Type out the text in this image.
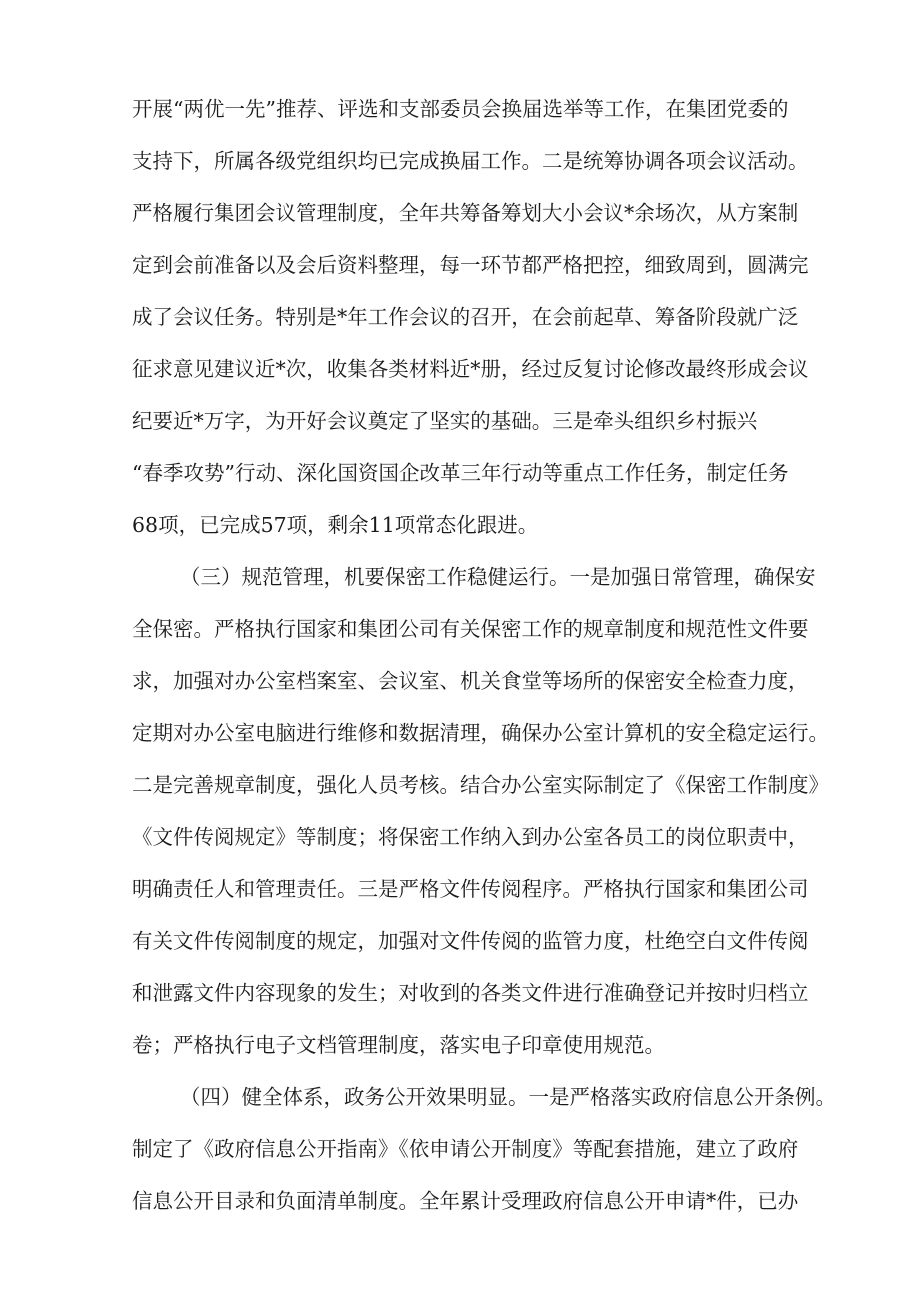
开展“两优一先”推荐、评选和支部委员会换届选举等工作，在集团党委的
支持下，所属各级党组织均已完成换届工作。二是统筹协调各项会议活动。
严格履行集团会议管理制度，全年共筹备筹划大小会议*余场次，从方案制
定到会前准备以及会后资料整理，每一环节都严格把控，细致周到，圆满完
成了会议任务。特别是*年工作会议的召开，在会前起草、筹备阶段就广泛
征求意见建议近*次，收集各类材料近*册，经过反复讨论修改最终形成会议
纪要近*万字，为开好会议奠定了坚实的基础。三是牵头组织乡村振兴
“春季攻势”行动、深化国资国企改革三年行动等重点工作任务，制定任务
68项，已完成57项，剩余11项常态化跟进。
（三）规范管理，机要保密工作稳健运行。一是加强日常管理，确保安
全保密。严格执行国家和集团公司有关保密工作的规章制度和规范性文件要
求，加强对办公室档案室、会议室、机关食堂等场所的保密安全检查力度，
定期对办公室电脑进行维修和数据清理，确保办公室计算机的安全稳定运行。
二是完善规章制度，强化人员考核。结合办公室实际制定了《保密工作制度》
《文件传阅规定》等制度；将保密工作纳入到办公室各员工的岗位职责中，
明确责任人和管理责任。三是严格文件传阅程序。严格执行国家和集团公司
有关文件传阅制度的规定，加强对文件传阅的监管力度，杜绝空白文件传阅
和泄露文件内容现象的发生；对收到的各类文件进行准确登记并按时归档立
卷；严格执行电子文档管理制度，落实电子印章使用规范。
（四）健全体系，政务公开效果明显。一是严格落实政府信息公开条例。
制定了《政府信息公开指南》《依申请公开制度》等配套措施，建立了政府
信息公开目录和负面清单制度。全年累计受理政府信息公开申请*件，已办
